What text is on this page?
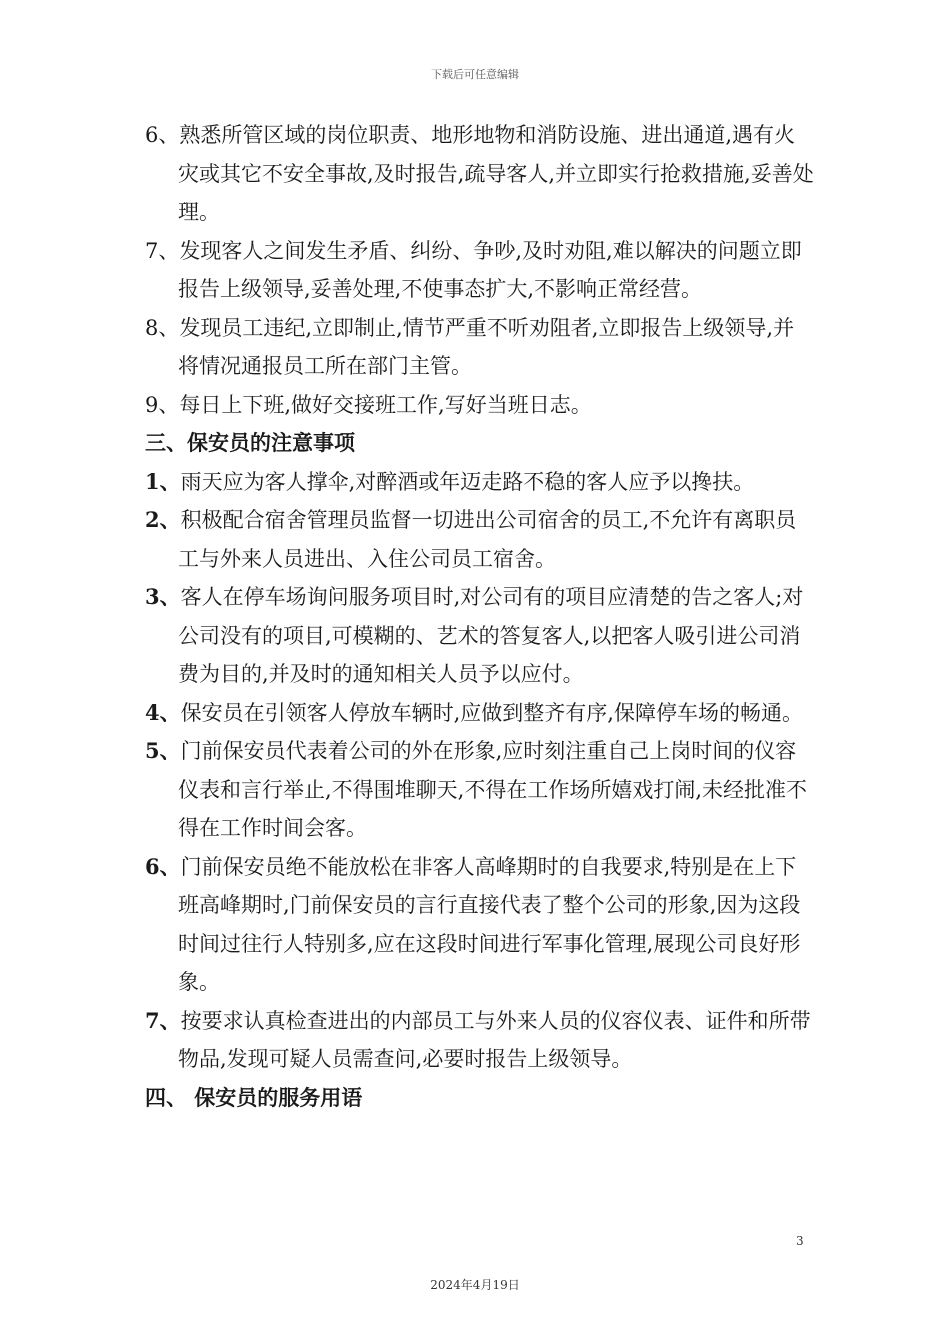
下载后可任意编辑

6、熟悉所管区域的岗位职责、地形地物和消防设施、进出通道,遇有火灾或其它不安全事故,及时报告,疏导客人,并立即实行抢救措施,妥善处理。

7、发现客人之间发生矛盾、纠纷、争吵,及时劝阻,难以解决的问题立即报告上级领导,妥善处理,不使事态扩大,不影响正常经营。

8、发现员工违纪,立即制止,情节严重不听劝阻者,立即报告上级领导,并将情况通报员工所在部门主管。

9、每日上下班,做好交接班工作,写好当班日志。

三、保安员的注意事项

1、雨天应为客人撑伞,对醉酒或年迈走路不稳的客人应予以搀扶。

2、积极配合宿舍管理员监督一切进出公司宿舍的员工,不允许有离职员工与外来人员进出、入住公司员工宿舍。

3、客人在停车场询问服务项目时,对公司有的项目应清楚的告之客人;对公司没有的项目,可模糊的、艺术的答复客人,以把客人吸引进公司消费为目的,并及时的通知相关人员予以应付。

4、保安员在引领客人停放车辆时,应做到整齐有序,保障停车场的畅通。

5、门前保安员代表着公司的外在形象,应时刻注重自己上岗时间的仪容仪表和言行举止,不得围堆聊天,不得在工作场所嬉戏打闹,未经批准不得在工作时间会客。

6、门前保安员绝不能放松在非客人高峰期时的自我要求,特别是在上下班高峰期时,门前保安员的言行直接代表了整个公司的形象,因为这段时间过往行人特别多,应在这段时间进行军事化管理,展现公司良好形象。

7、按要求认真检查进出的内部员工与外来人员的仪容仪表、证件和所带物品,发现可疑人员需查问,必要时报告上级领导。

四、 保安员的服务用语

3
2024年4月19日
